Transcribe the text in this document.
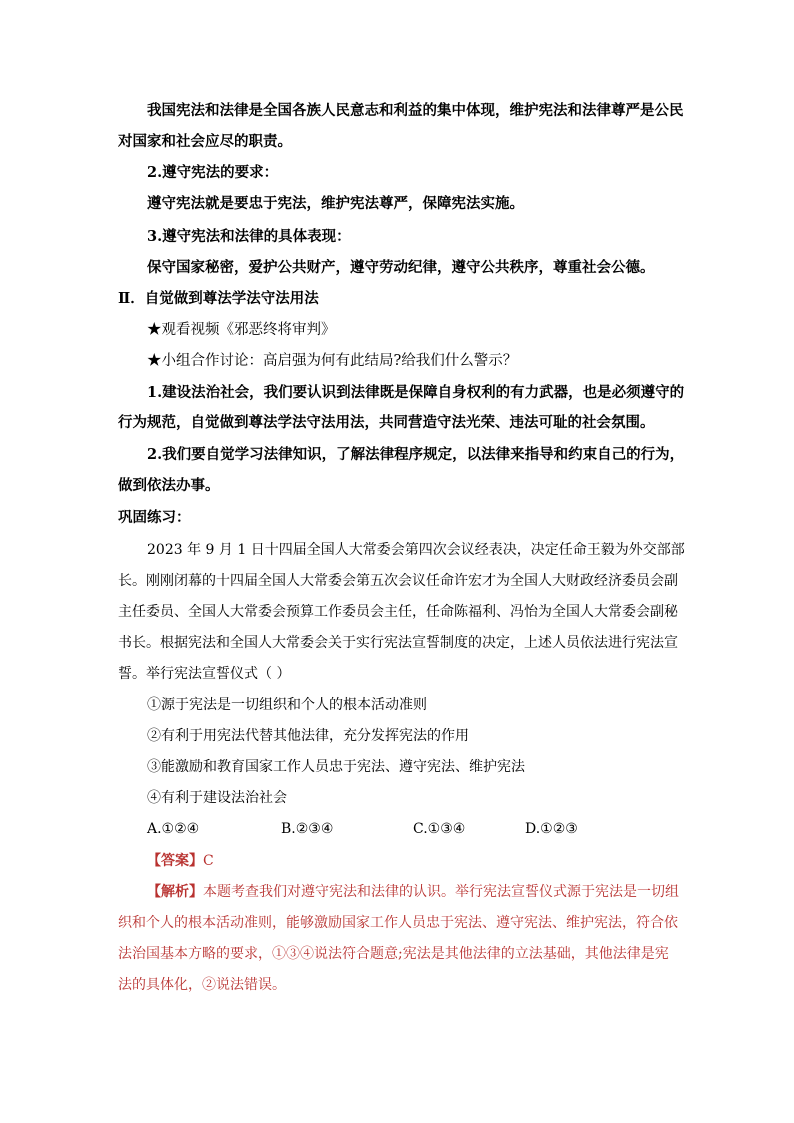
我国宪法和法律是全国各族人民意志和利益的集中体现，维护宪法和法律尊严是公民
对国家和社会应尽的职责。
2.遵守宪法的要求：
遵守宪法就是要忠于宪法，维护宪法尊严，保障宪法实施。
3.遵守宪法和法律的具体表现：
保守国家秘密，爱护公共财产，遵守劳动纪律，遵守公共秩序，尊重社会公德。
Ⅱ．自觉做到尊法学法守法用法
★观看视频《邪恶终将审判》
★小组合作讨论：高启强为何有此结局?给我们什么警示？
1.建设法治社会，我们要认识到法律既是保障自身权利的有力武器，也是必须遵守的
行为规范，自觉做到尊法学法守法用法，共同营造守法光荣、违法可耻的社会氛围。
2.我们要自觉学习法律知识，了解法律程序规定，以法律来指导和约束自己的行为，
做到依法办事。
巩固练习：
2023 年 9 月 1 日十四届全国人大常委会第四次会议经表决，决定任命王毅为外交部部
长。刚刚闭幕的十四届全国人大常委会第五次会议任命许宏才为全国人大财政经济委员会副
主任委员、全国人大常委会预算工作委员会主任，任命陈福利、冯怡为全国人大常委会副秘
书长。根据宪法和全国人大常委会关于实行宪法宣誓制度的决定，上述人员依法进行宪法宣
誓。举行宪法宣誓仪式（ ）
①源于宪法是一切组织和个人的根本活动准则
②有利于用宪法代替其他法律，充分发挥宪法的作用
③能激励和教育国家工作人员忠于宪法、遵守宪法、维护宪法
④有利于建设法治社会
A.①②④	B.②③④	C.①③④	D.①②③
【答案】C
【解析】本题考查我们对遵守宪法和法律的认识。举行宪法宣誓仪式源于宪法是一切组
织和个人的根本活动准则，能够激励国家工作人员忠于宪法、遵守宪法、维护宪法，符合依
法治国基本方略的要求，①③④说法符合题意;宪法是其他法律的立法基础，其他法律是宪
法的具体化，②说法错误。
